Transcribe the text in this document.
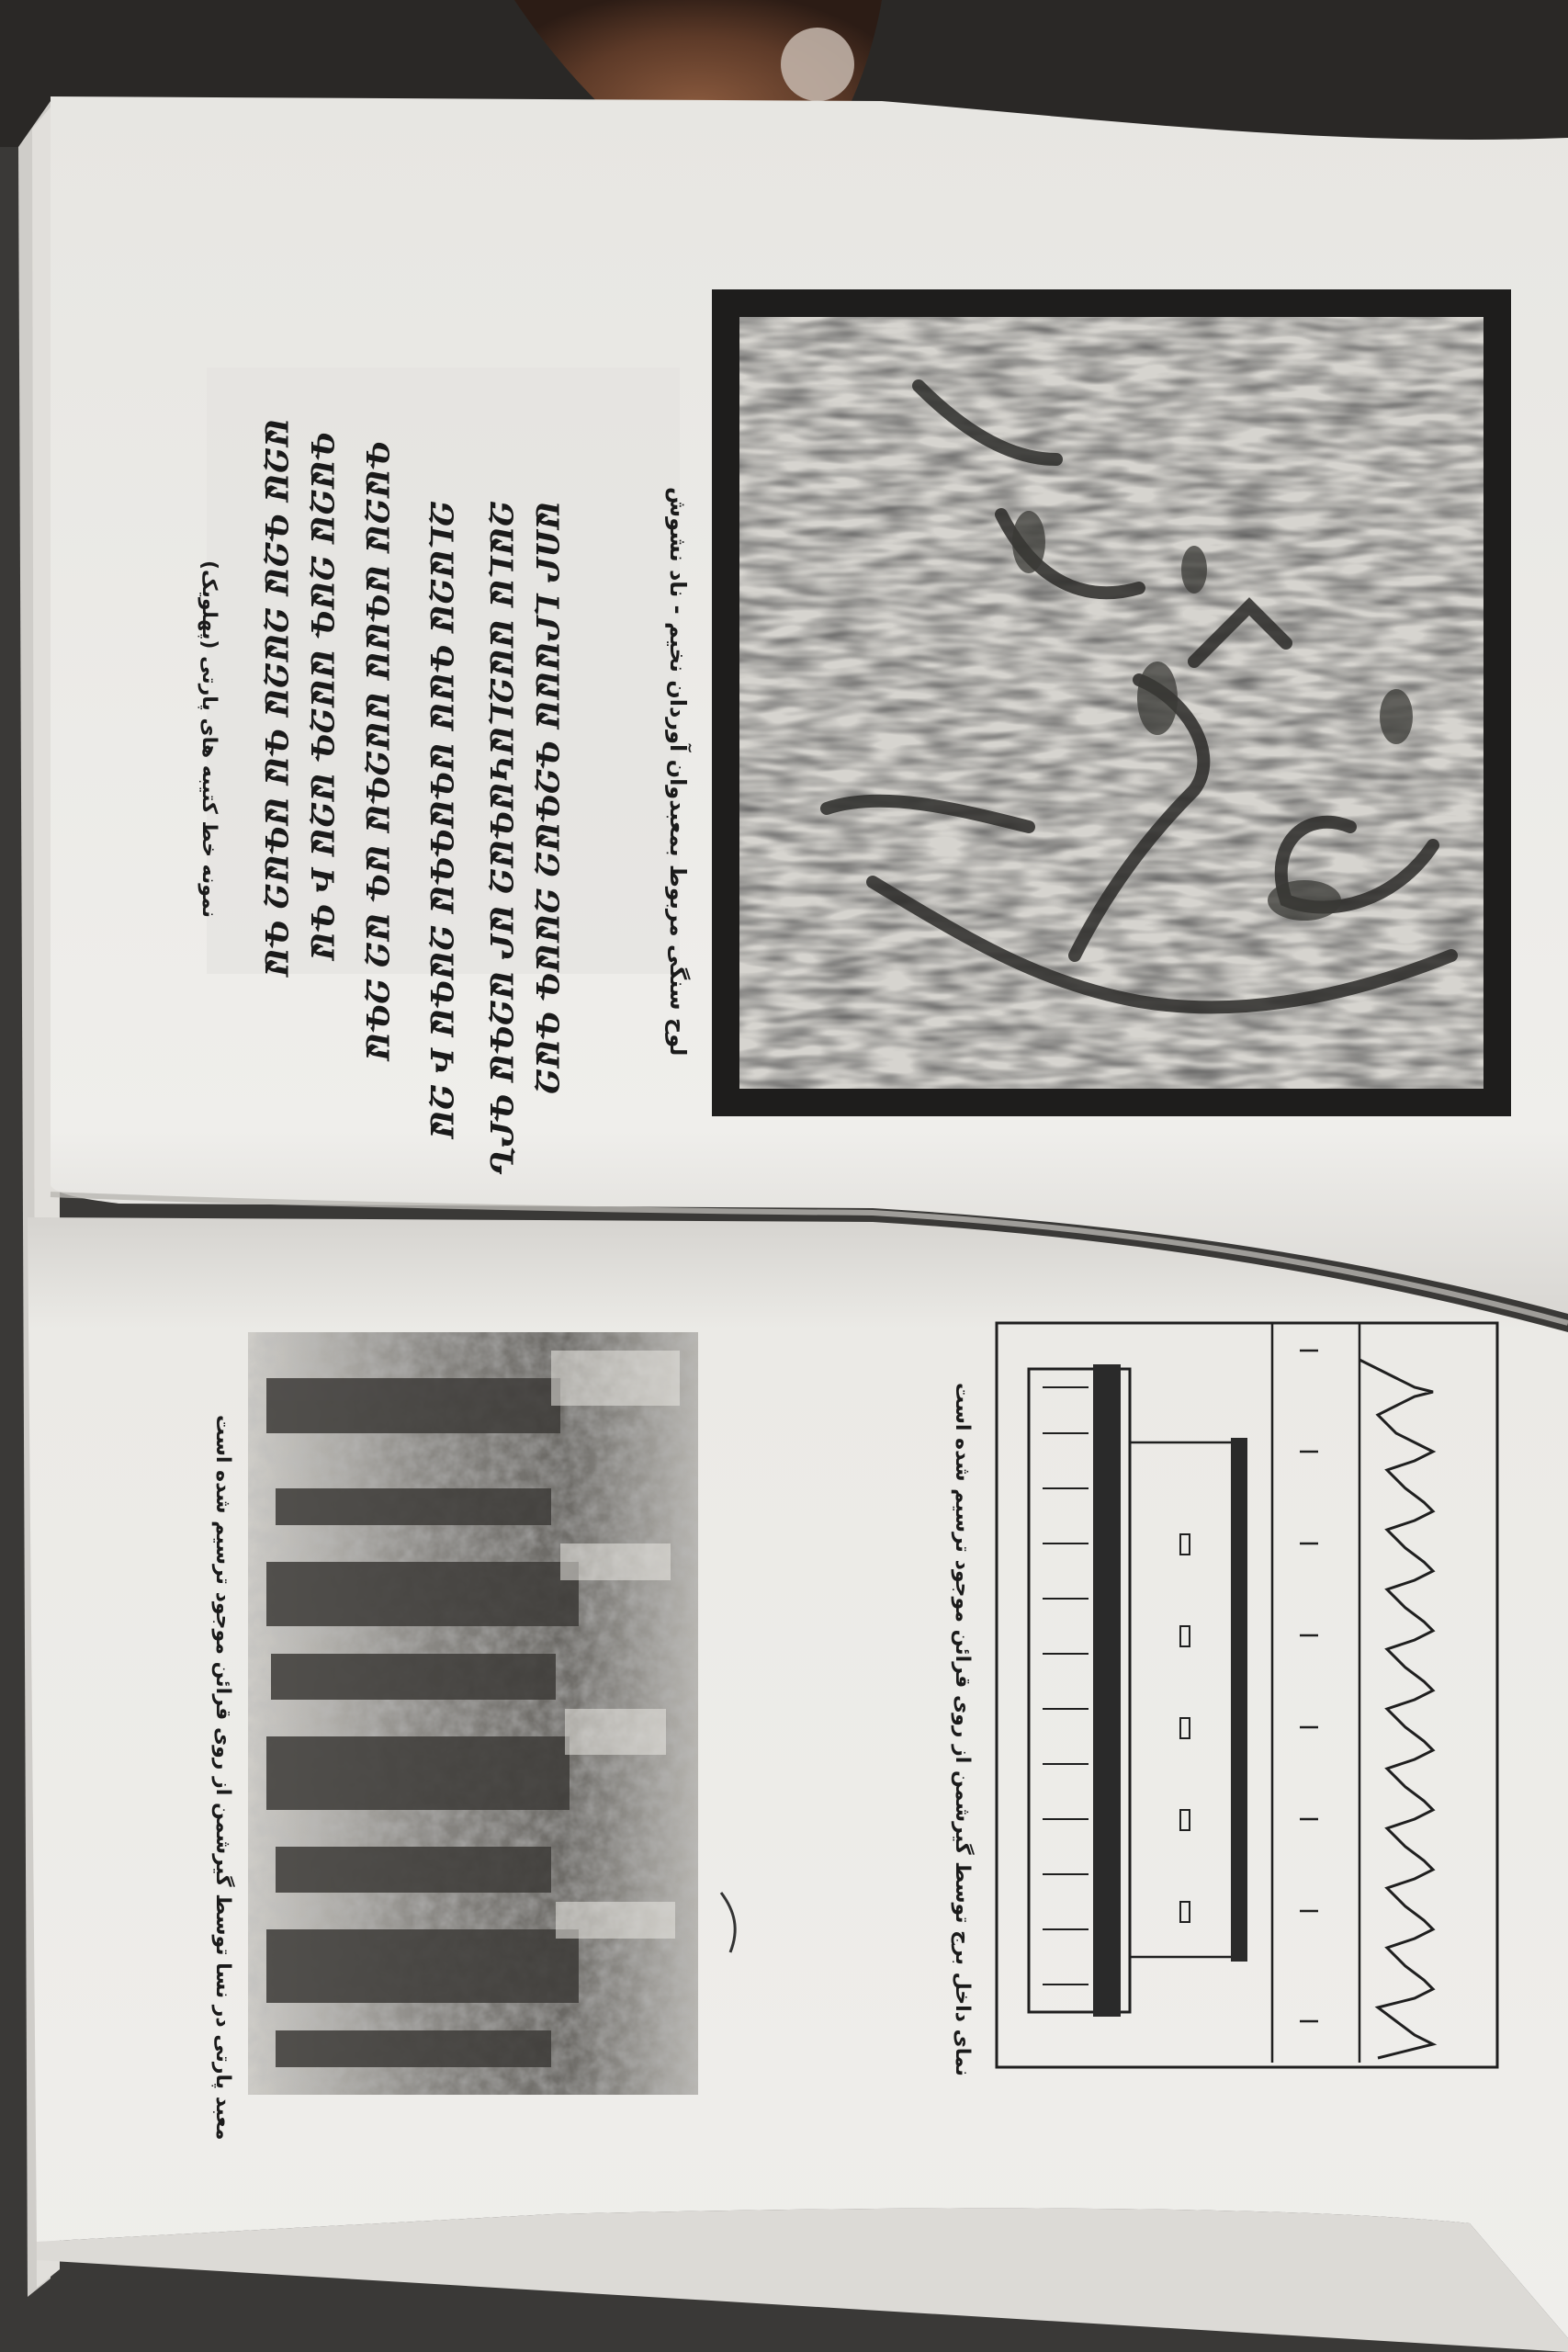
لوح سنگی مربوط بمعبدوان آوردان نخیم - ناد نشوش
نمونه خط کتیبه های پارتی (پهلویک)	ԱՈՐ ԼՐԱԱԱ ԳԶԳԱԶ ԶԱԱԳ ԳԱԶ
ԶԱԼԱ ԱԱԶԼԱԿԱԳԱԶ ԱՐ ԱԶԳԱ ԳՐՆ
ԶԼԱԶԱ ԳԱԱ ԱԳԱԳԳԱ ԶԱԳԱ Ի ԶԱ
ԳԱԶԱ ԱԳԱԱ ԱԱԶԳԱ ԱԳ ԱԶ ԶԳԱ
ԳԱԶԱ ԶԱԳ ԱԱԶԳ ԱԶԱ Ի ԳԱ
ԱԶԱ ԳԶԱ ԶԱԶԱ ԳԱ ԱԳԱԶ ԳԱ
نمای داخل برج توسط گیرشمن از روی قرائن موجود ترسیم شده است
معبد پارتی در نسا توسط گیرشمن از روی قرائن موجود ترسیم شده است
